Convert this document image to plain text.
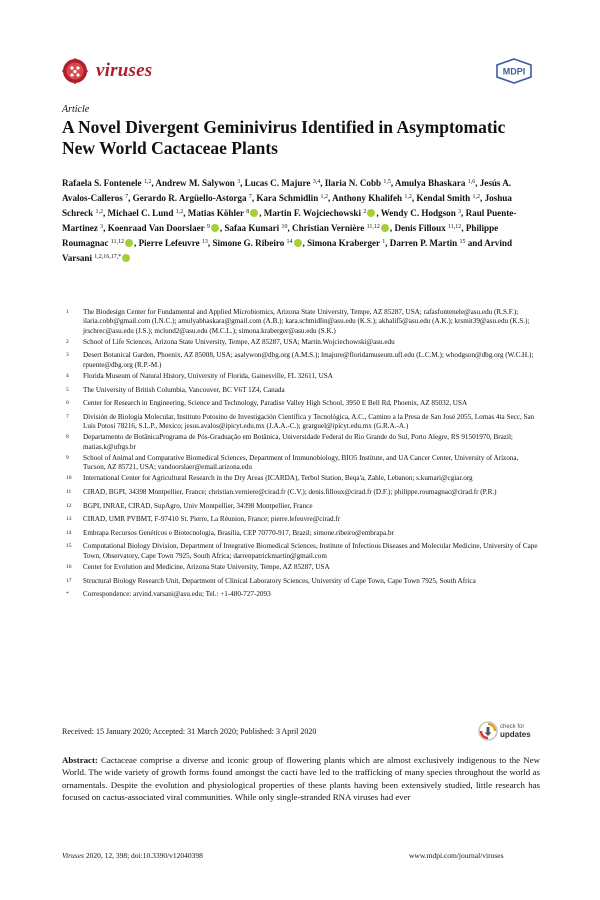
viruses	MDPI
Article
A Novel Divergent Geminivirus Identified in Asymptomatic New World Cactaceae Plants
Rafaela S. Fontenele $^{1,2}$, Andrew M. Salywon $^3$, Lucas C. Majure $^{3,4}$, Ilaria N. Cobb $^{1,5}$, Amulya Bhaskara $^{1,6}$, Jesús A. Avalos-Calleros $^7$, Gerardo R. Argüello-Astorga $^7$, Kara Schmidlin $^{1,2}$, Anthony Khalifeh $^{1,2}$, Kendal Smith $^{1,2}$, Joshua Schreck $^{1,2}$, Michael C. Lund $^{1,2}$, Matias Köhler $^8$ , Martin F. Wojciechowski $^2$ , Wendy C. Hodgson $^3$, Raul Puente-Martinez $^3$, Koenraad Van Doorslaer $^9$ , Safaa Kumari $^{10}$, Christian Vernière $^{11,12}$ , Denis Filloux $^{11,12}$, Philippe Roumagnac $^{11,12}$ , Pierre Lefeuvre $^{13}$, Simone G. Ribeiro $^{14}$ , Simona Kraberger $^1$, Darren P. Martin $^{15}$ and Arvind Varsani $^{1,2,16,17,*}$
$^1$	The Biodesign Center for Fundamental and Applied Microbiomics, Arizona State University, Tempe, AZ 85287, USA; rafasfontenele@asu.edu (R.S.F.); ilaria.cobb@gmail.com (I.N.C.); amulyabhaskara@gmail.com (A.B.); kara.schmidlin@asu.edu (K.S.); akhalif5@asu.edu (A.K.); krsmit39@asu.edu (K.S.); jrschrec@asu.edu (J.S.); mclund2@asu.edu (M.C.L.); simona.kraberger@asu.edu (S.K.)
$^2$	School of Life Sciences, Arizona State University, Tempe, AZ 85287, USA; Martin.Wojciechowski@asu.edu
$^3$	Desert Botanical Garden, Phoenix, AZ 85008, USA; asalywon@dbg.org (A.M.S.); lmajure@floridamuseum.ufl.edu (L.C.M.); whodgson@dbg.org (W.C.H.); rpuente@dbg.org (R.P.-M.)
$^4$	Florida Museum of Natural History, University of Florida, Gainesville, FL 32611, USA
$^5$	The University of British Columbia, Vancouver, BC V6T 1Z4, Canada
$^6$	Center for Research in Engineering, Science and Technology, Paradise Valley High School, 3950 E Bell Rd, Phoenix, AZ 85032, USA
$^7$	División de Biología Molecular, Instituto Potosino de Investigación Científica y Tecnológica, A.C., Camino a la Presa de San José 2055, Lomas 4ta Secc, San Luis Potosí 78216, S.L.P., Mexico; jesus.avalos@ipicyt.edu.mx (J.A.A.-C.); grarguel@ipicyt.edu.mx (G.R.A.-A.)
$^8$	Departamento de BotânicaPrograma de Pós-Graduação em Botânica, Universidade Federal do Rio Grande do Sul, Porto Alegre, RS 91501970, Brazil; matias.k@ufrgs.br
$^9$	School of Animal and Comparative Biomedical Sciences, Department of Immunobiology, BIO5 Institute, and UA Cancer Center, University of Arizona, Tucson, AZ 85721, USA; vandoorslaer@email.arizona.edu
$^{10}$	International Center for Agricultural Research in the Dry Areas (ICARDA), Terbol Station, Beqa'a, Zahle, Lebanon; s.kumari@cgiar.org
$^{11}$	CIRAD, BGPI, 34398 Montpellier, France; christian.verniere@cirad.fr (C.V.); denis.filloux@cirad.fr (D.F.); philippe.roumagnac@cirad.fr (P.R.)
$^{12}$	BGPI, INRAE, CIRAD, SupAgro, Univ Montpellier, 34398 Montpellier, France
$^{13}$	CIRAD, UMR PVBMT, F-97410 St. Pierre, La Réunion, France; pierre.lefeuvre@cirad.fr
$^{14}$	Embrapa Recursos Genéticos e Biotecnologia, Brasília, CEP 70770-917, Brazil; simone.ribeiro@embrapa.br
$^{15}$	Computational Biology Division, Department of Integrative Biomedical Sciences, Institute of Infectious Diseases and Molecular Medicine, University of Cape Town, Observatory, Cape Town 7925, South Africa; darrenpatrickmartin@gmail.com
$^{16}$	Center for Evolution and Medicine, Arizona State University, Tempe, AZ 85287, USA
$^{17}$	Structural Biology Research Unit, Department of Clinical Laboratory Sciences, University of Cape Town, Cape Town 7925, South Africa
*	Correspondence: arvind.varsani@asu.edu; Tel.: +1-480-727-2093
Received: 15 January 2020; Accepted: 31 March 2020; Published: 3 April 2020	check for
updates

Abstract: Cactaceae comprise a diverse and iconic group of flowering plants which are almost exclusively indigenous to the New World. The wide variety of growth forms found amongst the cacti have led to the trafficking of many species throughout the world as ornamentals. Despite the evolution and physiological properties of these plants having been extensively studied, little research has focused on cactus-associated viral communities. While only single-stranded RNA viruses had ever

Viruses 2020, 12, 398; doi:10.3390/v12040398	www.mdpi.com/journal/viruses
